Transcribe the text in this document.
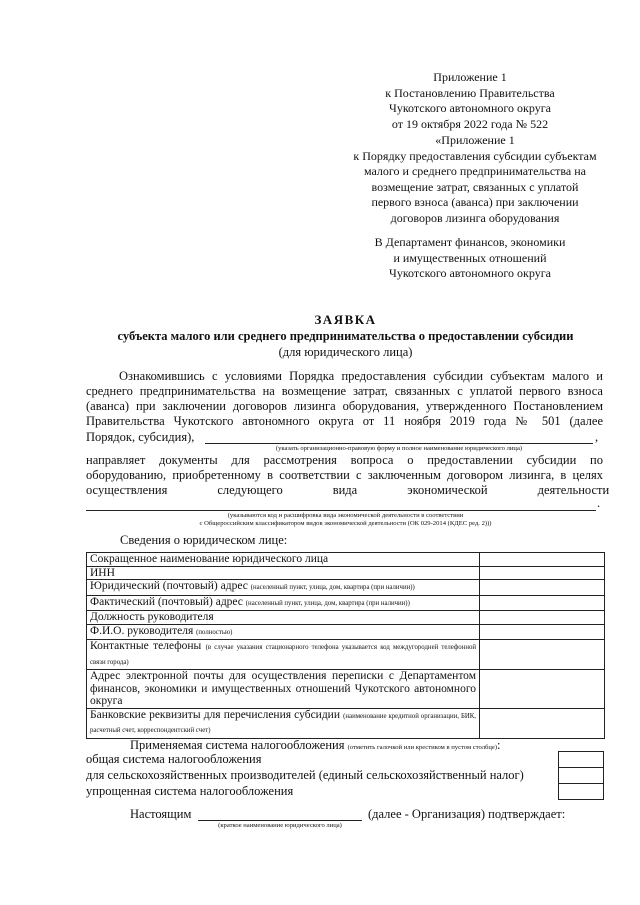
Приложение 1
к Постановлению Правительства
Чукотского автономного округа
от 19 октября 2022 года № 522
«Приложение 1
к Порядку предоставления субсидии субъектам
малого и среднего предпринимательства на
возмещение затрат, связанных с уплатой
первого взноса (аванса) при заключении
договоров лизинга оборудования
В Департамент финансов, экономики
и имущественных отношений
Чукотского автономного округа
ЗАЯВКА
субъекта малого или среднего предпринимательства о предоставлении субсидии
(для юридического лица)
Ознакомившись с условиями Порядка предоставления субсидии субъектам малого и
среднего предпринимательства на возмещение затрат, связанных с уплатой первого взноса
(аванса) при заключении договоров лизинга оборудования, утвержденного Постановлением
Правительства Чукотского автономного округа от 11 ноября 2019 года № 501 (далее
Порядок, субсидия),	,
(указать организационно-правовую форму и полное наименование юридического лица)
направляет документы для рассмотрения вопроса о предоставлении субсидии по
оборудованию, приобретенному в соответствии с заключенным договором лизинга, в целях
осуществления                следующего                вида                экономической                деятельности
.
(указываются код и расшифровка вида экономической деятельности в соответствии
с Общероссийским классификатором видов экономической деятельности (ОК 029-2014 (КДЕС ред. 2)))
Сведения о юридическом лице:
Сокращенное наименование юридического лица	
ИНН	
Юридический (почтовый) адрес (населенный пункт, улица, дом, квартира (при наличии))	
Фактический (почтовый) адрес (населенный пункт, улица, дом, квартира (при наличии))	
Должность руководителя	
Ф.И.О. руководителя (полностью)	
Контактные телефоны (в случае указания стационарного телефона указывается код междугородней телефонной связи города)	
Адрес электронной почты для осуществления переписки с Департаментом финансов, экономики и имущественных отношений Чукотского автономного округа	
Банковские реквизиты для перечисления субсидии (наименование кредитной организации, БИК, расчетный счет, корреспондентский счет)	
Применяемая система налогообложения (отметить галочкой или крестиком в пустом столбце):
общая система налогообложения
для сельскохозяйственных производителей (единый сельскохозяйственный налог)
упрощенная система налогообложения
Настоящим	(далее - Организация) подтверждает:
(краткое наименование юридического лица)
